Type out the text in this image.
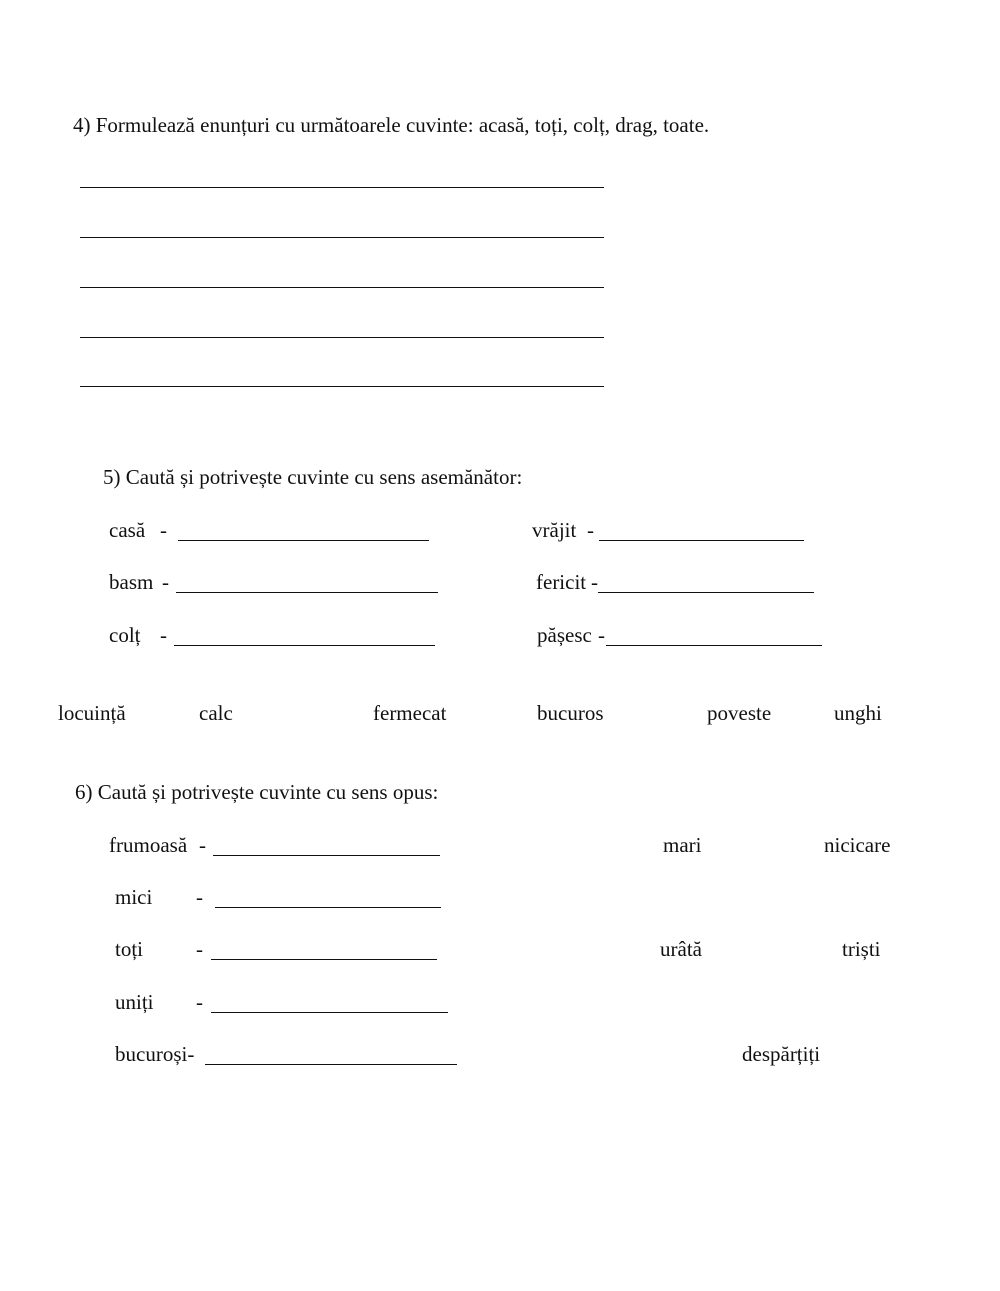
4) Formulează enunțuri cu următoarele cuvinte: acasă, toți, colț, drag, toate.
5) Caută și potrivește cuvinte cu sens asemănător:
casă -
basm -
colț -
vrăjit -
fericit -
pășesc -
locuință	calc	fermecat	bucuros	poveste	unghi
6) Caută și potrivește cuvinte cu sens opus:
frumoasă -
mici -
toți	-
uniți -
bucuroși-
mari	nicicare
urâtă	triști
despărțiți
